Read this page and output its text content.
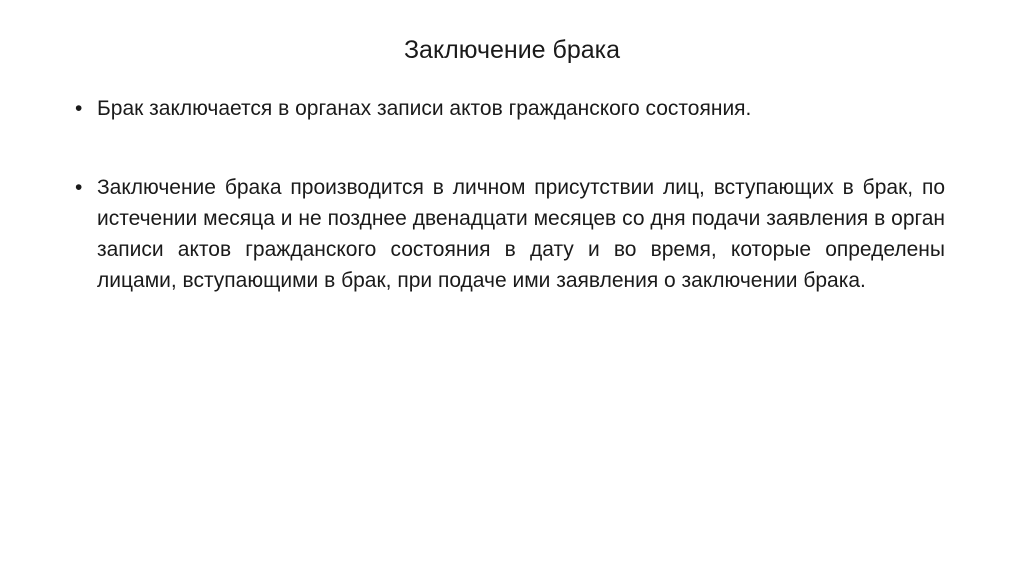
Заключение брака
• Брак заключается в органах записи актов гражданского состояния.
• Заключение брака производится в личном присутствии лиц, вступающих в брак, по истечении месяца и не позднее двенадцати месяцев со дня подачи заявления в орган записи актов гражданского состояния в дату и во время, которые определены лицами, вступающими в брак, при подаче ими заявления о заключении брака.
